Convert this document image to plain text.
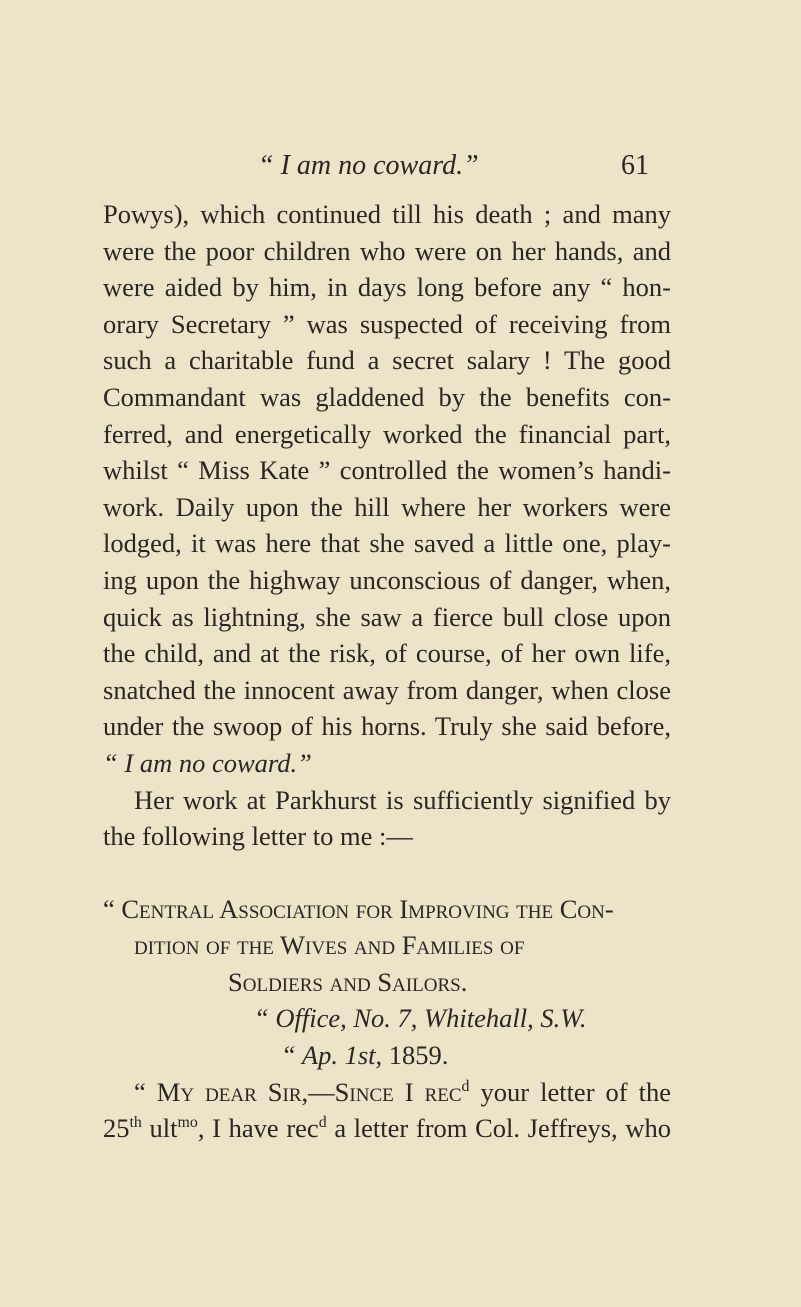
“ I am no coward.”	61
Powys), which continued till his death ; and many
were the poor children who were on her hands, and
were aided by him, in days long before any “ hon-
orary Secretary ” was suspected of receiving from
such a charitable fund a secret salary ! The good
Commandant was gladdened by the benefits con-
ferred, and energetically worked the financial part,
whilst “ Miss Kate ” controlled the women’s handi-
work. Daily upon the hill where her workers were
lodged, it was here that she saved a little one, play-
ing upon the highway unconscious of danger, when,
quick as lightning, she saw a fierce bull close upon
the child, and at the risk, of course, of her own life,
snatched the innocent away from danger, when close
under the swoop of his horns. Truly she said before,
“ I am no coward.”
Her work at Parkhurst is sufficiently signified by
the following letter to me :—
“ Central Association for Improving the Con-
dition of the Wives and Families of
Soldiers and Sailors.
“ Office, No. 7, Whitehall, S.W.
“ Ap. 1st, 1859.
“ My dear Sir,—Since I rec$^d$ your letter of the
25th ult$^{mo}$, I have rec$^d$ a letter from Col. Jeffreys, who
